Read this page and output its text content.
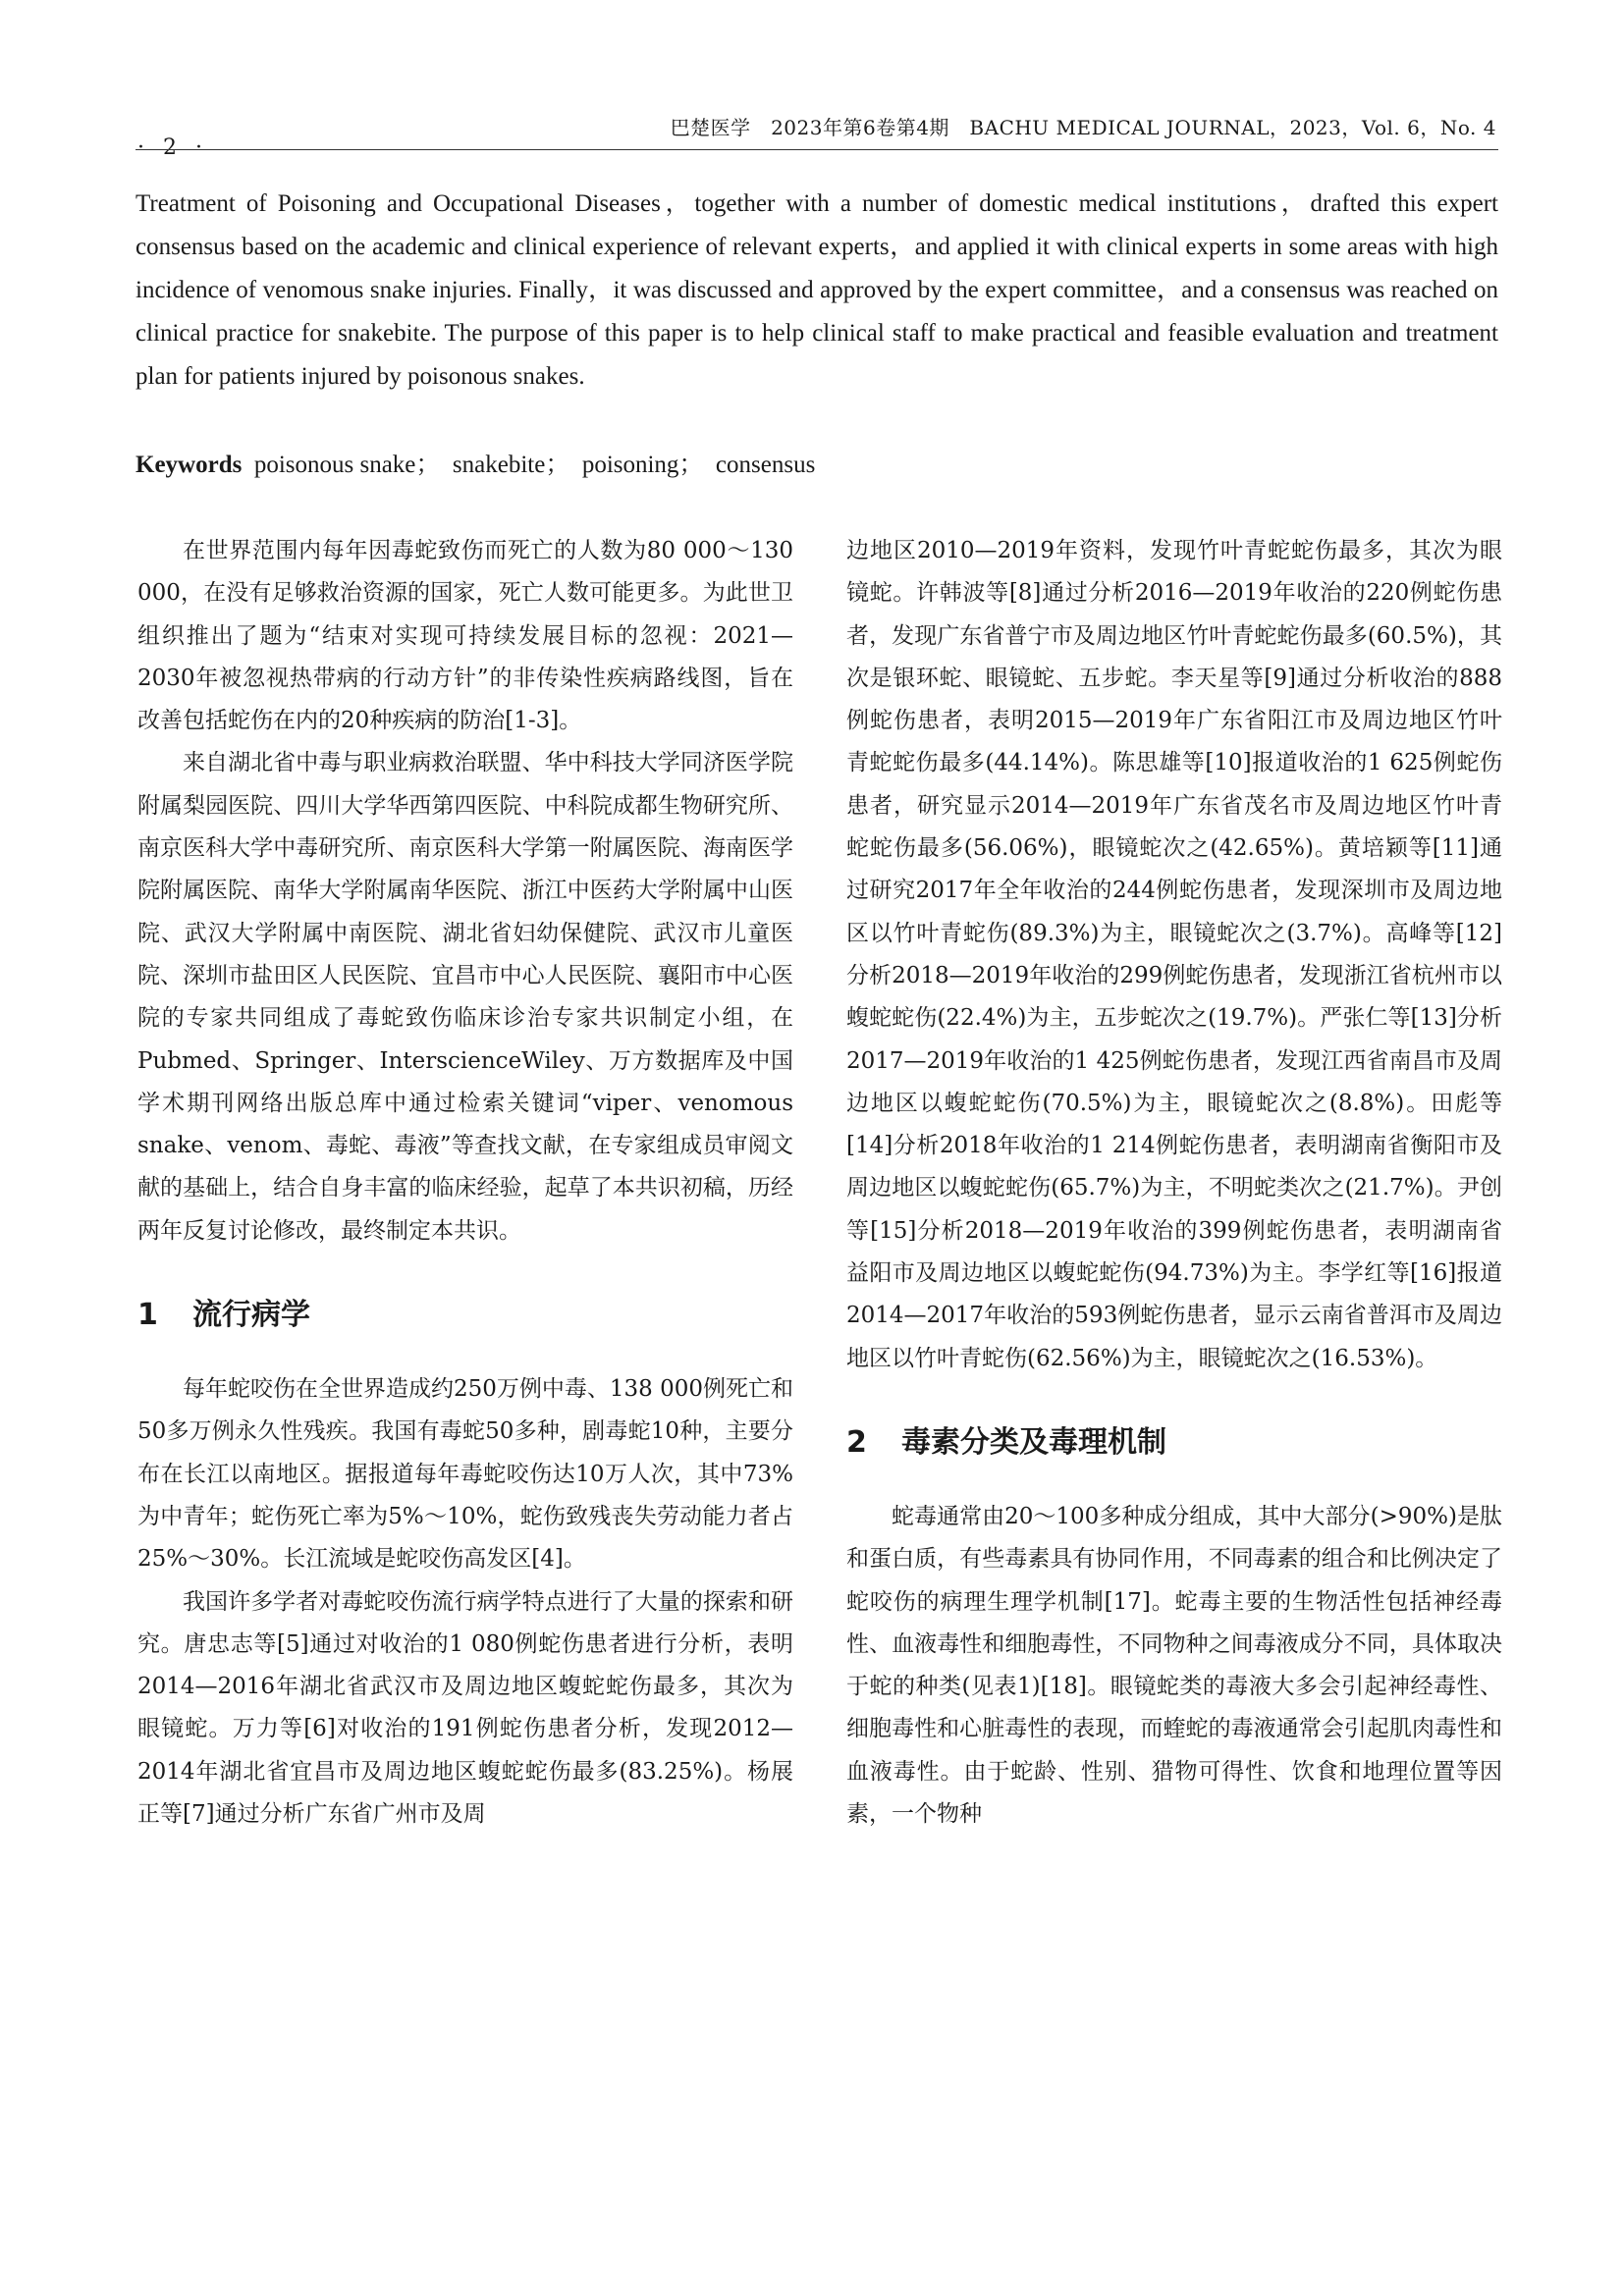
· 2 ·
巴楚医学　2023年第6卷第4期　BACHU MEDICAL JOURNAL，2023，Vol. 6，No. 4

Treatment of Poisoning and Occupational Diseases，together with a number of domestic medical institutions，drafted this expert consensus based on the academic and clinical experience of relevant experts，and applied it with clinical experts in some areas with high incidence of venomous snake injuries. Finally，it was discussed and approved by the expert committee，and a consensus was reached on clinical practice for snakebite. The purpose of this paper is to help clinical staff to make practical and feasible evaluation and treatment plan for patients injured by poisonous snakes.

Keywords  poisonous snake；  snakebite；  poisoning；  consensus

在世界范围内每年因毒蛇致伤而死亡的人数为80 000～130 000，在没有足够救治资源的国家，死亡人数可能更多。为此世卫组织推出了题为“结束对实现可持续发展目标的忽视：2021—2030年被忽视热带病的行动方针”的非传染性疾病路线图，旨在改善包括蛇伤在内的20种疾病的防治[1-3]。

来自湖北省中毒与职业病救治联盟、华中科技大学同济医学院附属梨园医院、四川大学华西第四医院、中科院成都生物研究所、南京医科大学中毒研究所、南京医科大学第一附属医院、海南医学院附属医院、南华大学附属南华医院、浙江中医药大学附属中山医院、武汉大学附属中南医院、湖北省妇幼保健院、武汉市儿童医院、深圳市盐田区人民医院、宜昌市中心人民医院、襄阳市中心医院的专家共同组成了毒蛇致伤临床诊治专家共识制定小组，在Pubmed、Springer、InterscienceWiley、万方数据库及中国学术期刊网络出版总库中通过检索关键词“viper、venomous snake、venom、毒蛇、毒液”等查找文献，在专家组成员审阅文献的基础上，结合自身丰富的临床经验，起草了本共识初稿，历经两年反复讨论修改，最终制定本共识。

1 流行病学

每年蛇咬伤在全世界造成约250万例中毒、138 000例死亡和50多万例永久性残疾。我国有毒蛇50多种，剧毒蛇10种，主要分布在长江以南地区。据报道每年毒蛇咬伤达10万人次，其中73%为中青年；蛇伤死亡率为5%～10%，蛇伤致残丧失劳动能力者占25%～30%。长江流域是蛇咬伤高发区[4]。

我国许多学者对毒蛇咬伤流行病学特点进行了大量的探索和研究。唐忠志等[5]通过对收治的1 080例蛇伤患者进行分析，表明2014—2016年湖北省武汉市及周边地区蝮蛇蛇伤最多，其次为眼镜蛇。万力等[6]对收治的191例蛇伤患者分析，发现2012—2014年湖北省宜昌市及周边地区蝮蛇蛇伤最多(83.25%)。杨展正等[7]通过分析广东省广州市及周

边地区2010—2019年资料，发现竹叶青蛇蛇伤最多，其次为眼镜蛇。许韩波等[8]通过分析2016—2019年收治的220例蛇伤患者，发现广东省普宁市及周边地区竹叶青蛇蛇伤最多(60.5%)，其次是银环蛇、眼镜蛇、五步蛇。李天星等[9]通过分析收治的888例蛇伤患者，表明2015—2019年广东省阳江市及周边地区竹叶青蛇蛇伤最多(44.14%)。陈思雄等[10]报道收治的1 625例蛇伤患者，研究显示2014—2019年广东省茂名市及周边地区竹叶青蛇蛇伤最多(56.06%)，眼镜蛇次之(42.65%)。黄培颖等[11]通过研究2017年全年收治的244例蛇伤患者，发现深圳市及周边地区以竹叶青蛇伤(89.3%)为主，眼镜蛇次之(3.7%)。高峰等[12]分析2018—2019年收治的299例蛇伤患者，发现浙江省杭州市以蝮蛇蛇伤(22.4%)为主，五步蛇次之(19.7%)。严张仁等[13]分析2017—2019年收治的1 425例蛇伤患者，发现江西省南昌市及周边地区以蝮蛇蛇伤(70.5%)为主，眼镜蛇次之(8.8%)。田彪等[14]分析2018年收治的1 214例蛇伤患者，表明湖南省衡阳市及周边地区以蝮蛇蛇伤(65.7%)为主，不明蛇类次之(21.7%)。尹创等[15]分析2018—2019年收治的399例蛇伤患者，表明湖南省益阳市及周边地区以蝮蛇蛇伤(94.73%)为主。李学红等[16]报道2014—2017年收治的593例蛇伤患者，显示云南省普洱市及周边地区以竹叶青蛇伤(62.56%)为主，眼镜蛇次之(16.53%)。

2 毒素分类及毒理机制

蛇毒通常由20～100多种成分组成，其中大部分(>90%)是肽和蛋白质，有些毒素具有协同作用，不同毒素的组合和比例决定了蛇咬伤的病理生理学机制[17]。蛇毒主要的生物活性包括神经毒性、血液毒性和细胞毒性，不同物种之间毒液成分不同，具体取决于蛇的种类(见表1)[18]。眼镜蛇类的毒液大多会引起神经毒性、细胞毒性和心脏毒性的表现，而蝰蛇的毒液通常会引起肌肉毒性和血液毒性。由于蛇龄、性别、猎物可得性、饮食和地理位置等因素，一个物种
